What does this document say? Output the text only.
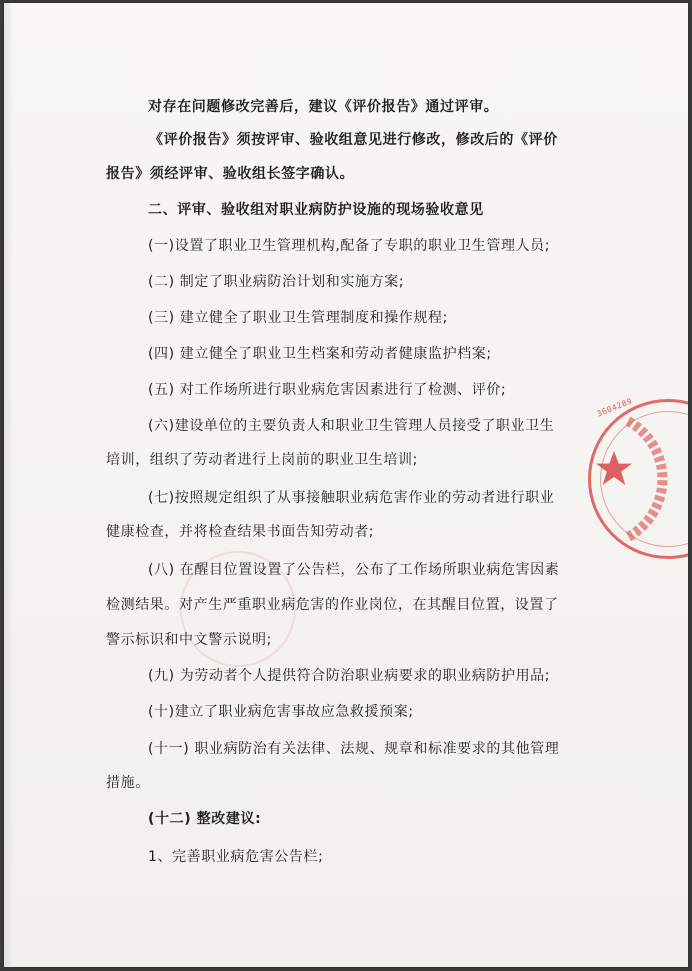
3604289
对存在问题修改完善后，建议《评价报告》通过评审。
《评价报告》须按评审、验收组意见进行修改，修改后的《评价
报告》须经评审、验收组长签字确认。
二、评审、验收组对职业病防护设施的现场验收意见
(一)设置了职业卫生管理机构,配备了专职的职业卫生管理人员;
(二) 制定了职业病防治计划和实施方案;
(三) 建立健全了职业卫生管理制度和操作规程;
(四) 建立健全了职业卫生档案和劳动者健康监护档案;
(五) 对工作场所进行职业病危害因素进行了检测、评价;
(六)建设单位的主要负责人和职业卫生管理人员接受了职业卫生
培训，组织了劳动者进行上岗前的职业卫生培训;
(七)按照规定组织了从事接触职业病危害作业的劳动者进行职业
健康检查，并将检查结果书面告知劳动者;
(八) 在醒目位置设置了公告栏，公布了工作场所职业病危害因素
检测结果。对产生严重职业病危害的作业岗位，在其醒目位置，设置了
警示标识和中文警示说明;
(九) 为劳动者个人提供符合防治职业病要求的职业病防护用品;
(十)建立了职业病危害事故应急救援预案;
(十一) 职业病防治有关法律、法规、规章和标准要求的其他管理
措施。
(十二) 整改建议:
1、完善职业病危害公告栏;
